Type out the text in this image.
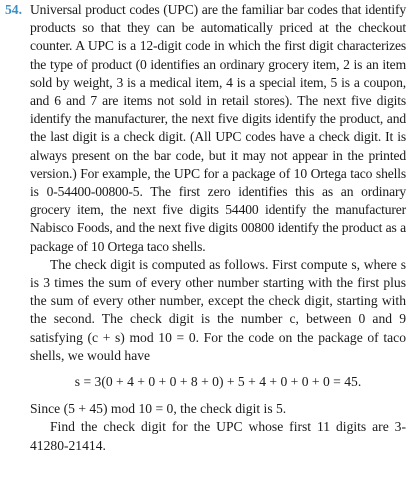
54. Universal product codes (UPC) are the familiar bar codes that identify products so that they can be automatically priced at the checkout counter. A UPC is a 12-digit code in which the first digit characterizes the type of product (0 identifies an ordinary grocery item, 2 is an item sold by weight, 3 is a medical item, 4 is a special item, 5 is a coupon, and 6 and 7 are items not sold in retail stores). The next five digits identify the manufacturer, the next five digits identify the product, and the last digit is a check digit. (All UPC codes have a check digit. It is always present on the bar code, but it may not appear in the printed version.) For example, the UPC for a package of 10 Ortega taco shells is 0-54400-00800-5. The first zero identifies this as an ordinary grocery item, the next five digits 54400 identify the manufacturer Nabisco Foods, and the next five digits 00800 identify the product as a package of 10 Ortega taco shells.

The check digit is computed as follows. First compute s, where s is 3 times the sum of every other number starting with the first plus the sum of every other number, except the check digit, starting with the second. The check digit is the number c, between 0 and 9 satisfying (c + s) mod 10 = 0. For the code on the package of taco shells, we would have

s = 3(0 + 4 + 0 + 0 + 8 + 0) + 5 + 4 + 0 + 0 + 0 = 45.

Since (5 + 45) mod 10 = 0, the check digit is 5.

Find the check digit for the UPC whose first 11 digits are 3-41280-21414.
